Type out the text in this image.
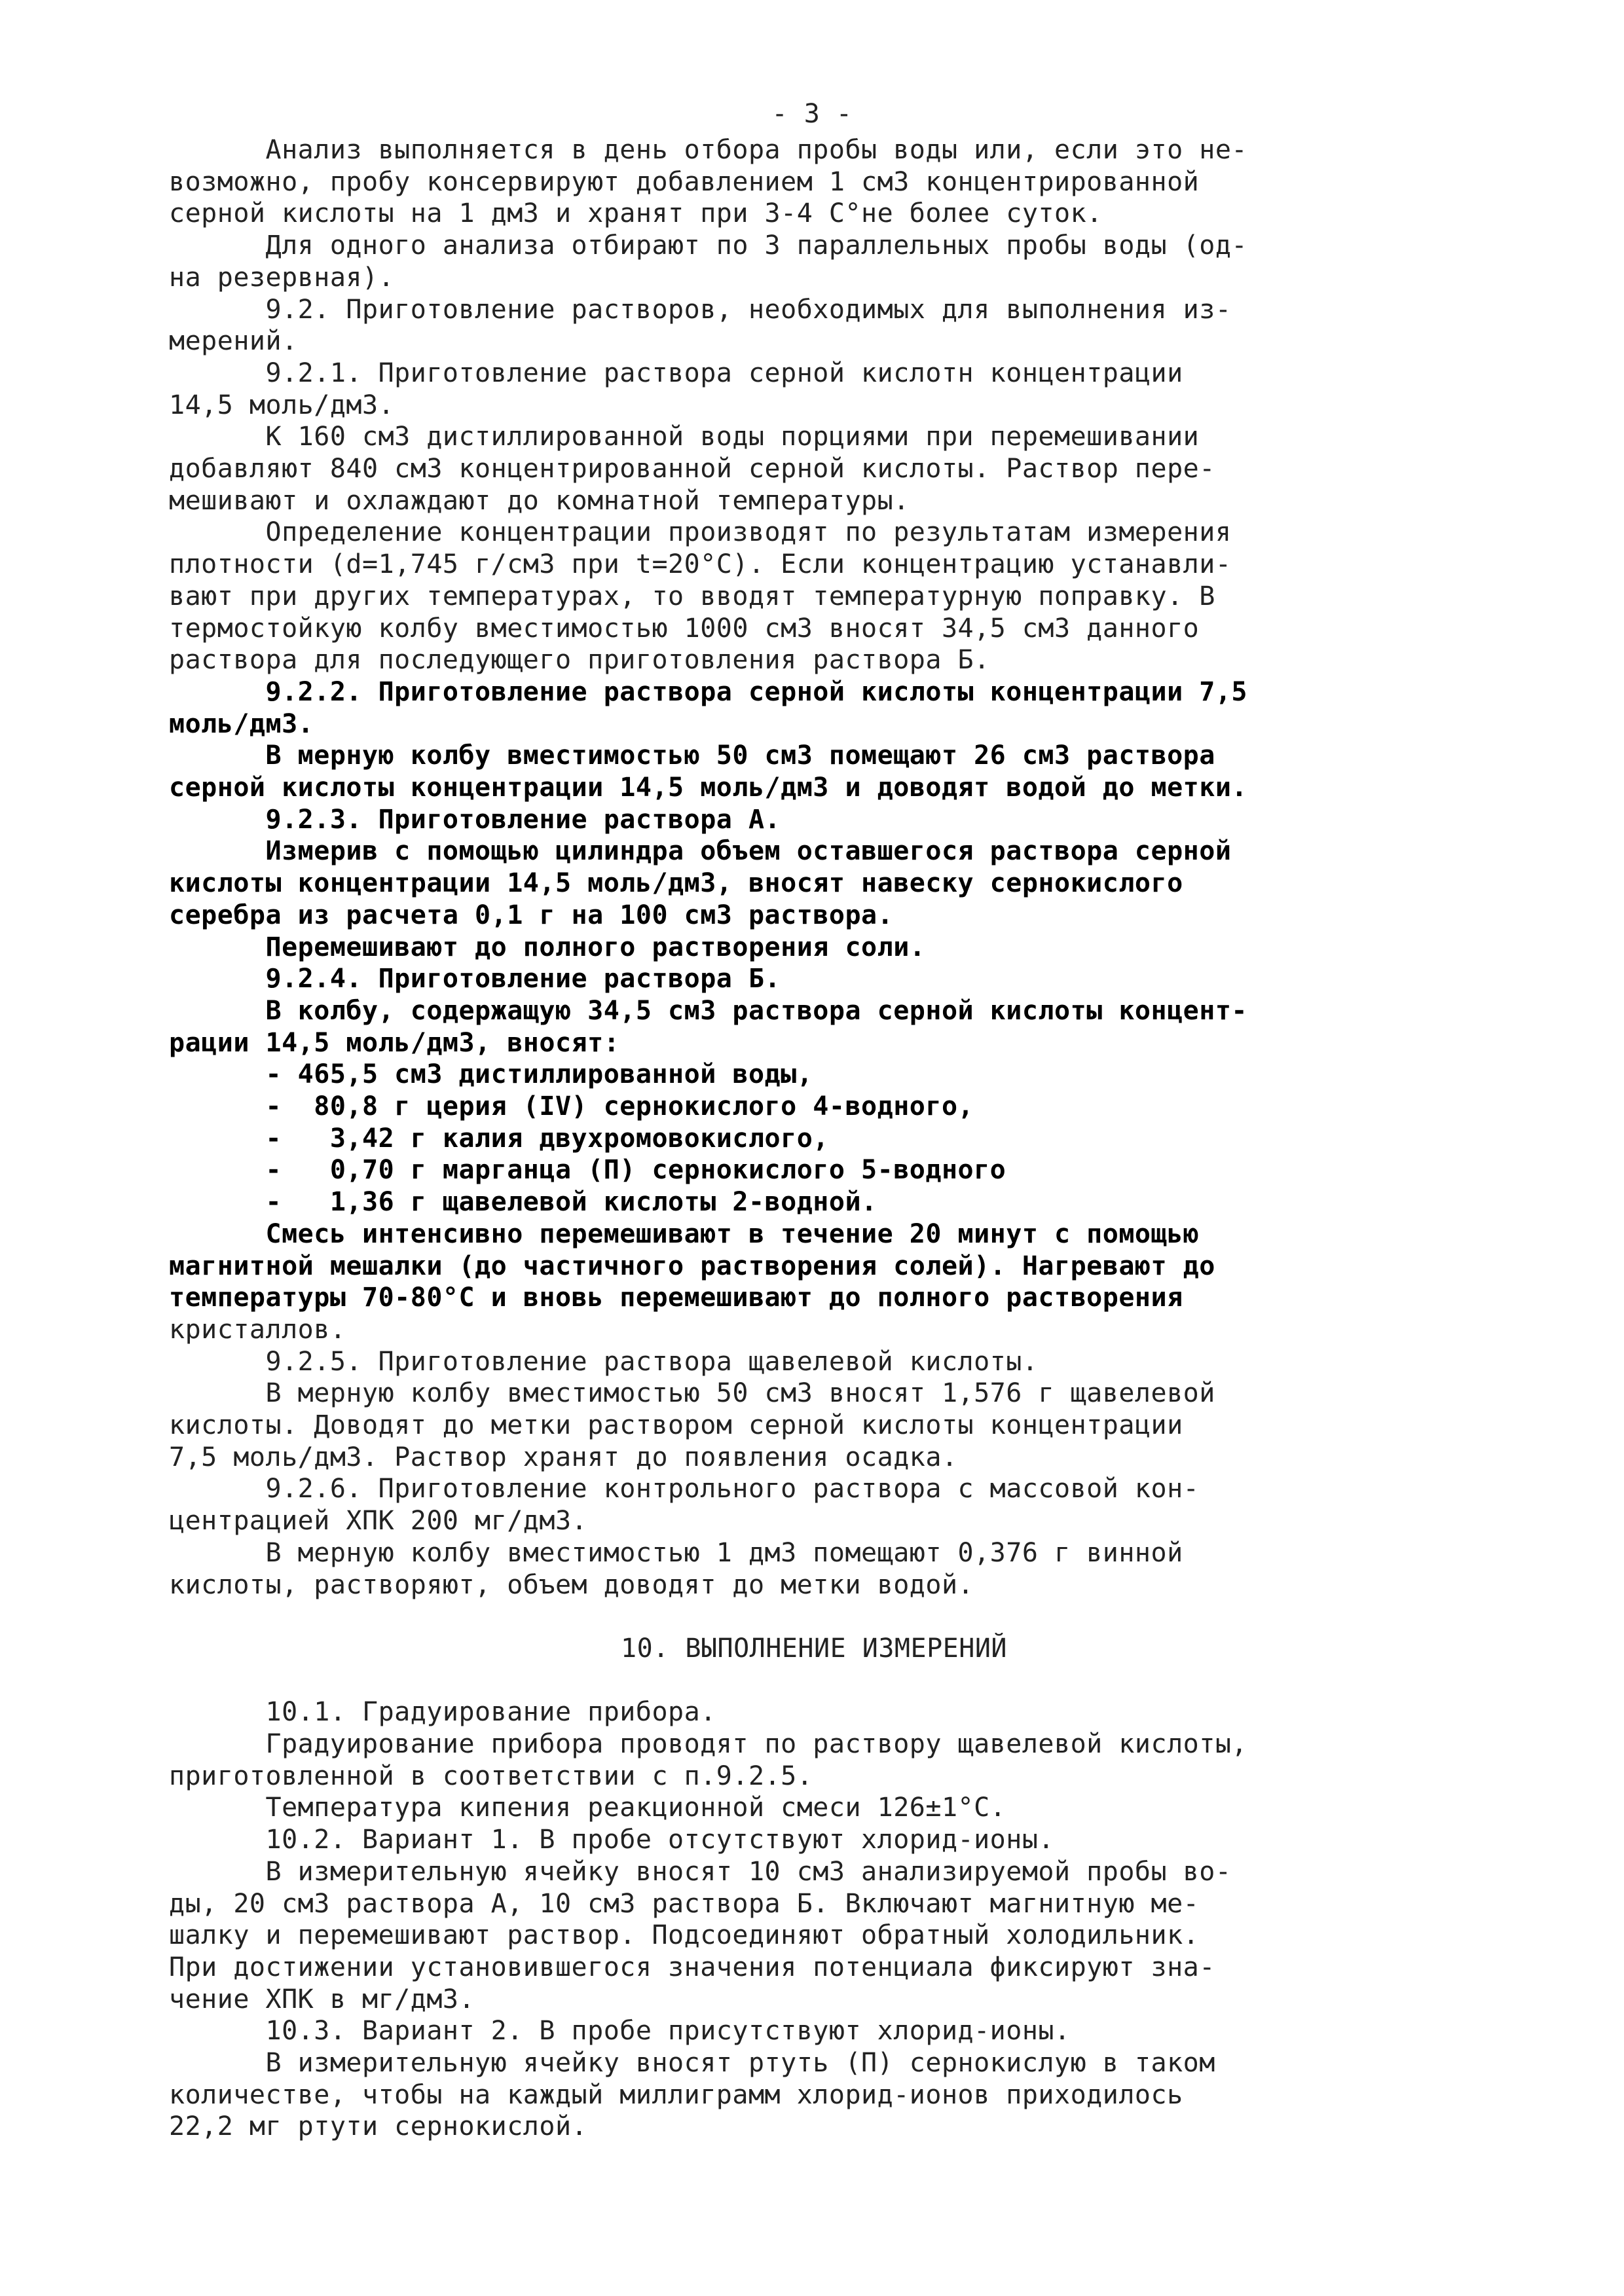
- 3 -
Анализ выполняется в день отбора пробы воды или, если это не-
возможно, пробу консервируют добавлением 1 см3 концентрированной
серной кислоты на 1 дм3 и хранят при 3-4 С°не более суток.
Для одного анализа отбирают по 3 параллельных пробы воды (од-
на резервная).
9.2. Приготовление растворов, необходимых для выполнения из-
мерений.
9.2.1. Приготовление раствора серной кислотн концентрации
14,5 моль/дм3.
К 160 см3 дистиллированной воды порциями при перемешивании
добавляют 840 см3 концентрированной серной кислоты. Раствор пере-
мешивают и охлаждают до комнатной температуры.
Определение концентрации производят по результатам измерения
плотности (d=1,745 г/см3 при t=20°С). Если концентрацию устанавли-
вают при других температурах, то вводят температурную поправку. В
термостойкую колбу вместимостью 1000 см3 вносят 34,5 см3 данного
раствора для последующего приготовления раствора Б.
9.2.2. Приготовление раствора серной кислоты концентрации 7,5
моль/дм3.
В мерную колбу вместимостью 50 см3 помещают 26 см3 раствора
серной кислоты концентрации 14,5 моль/дм3 и доводят водой до метки.
9.2.3. Приготовление раствора А.
Измерив с помощью цилиндра объем оставшегося раствора серной
кислоты концентрации 14,5 моль/дм3, вносят навеску сернокислого
серебра из расчета 0,1 г на 100 см3 раствора.
Перемешивают до полного растворения соли.
9.2.4. Приготовление раствора Б.
В колбу, содержащую 34,5 см3 раствора серной кислоты концент-
рации 14,5 моль/дм3, вносят:
- 465,5 см3 дистиллированной воды,
-  80,8 г церия (IV) сернокислого 4-водного,
-   3,42 г калия двухромовокислого,
-   0,70 г марганца (П) сернокислого 5-водного
-   1,36 г щавелевой кислоты 2-водной.
Смесь интенсивно перемешивают в течение 20 минут с помощью
магнитной мешалки (до частичного растворения солей). Нагревают до
температуры 70-80°С и вновь перемешивают до полного растворения
кристаллов.
9.2.5. Приготовление раствора щавелевой кислоты.
В мерную колбу вместимостью 50 см3 вносят 1,576 г щавелевой
кислоты. Доводят до метки раствором серной кислоты концентрации
7,5 моль/дм3. Раствор хранят до появления осадка.
9.2.6. Приготовление контрольного раствора с массовой кон-
центрацией ХПК 200 мг/дм3.
В мерную колбу вместимостью 1 дм3 помещают 0,376 г винной
кислоты, растворяют, объем доводят до метки водой.
10. ВЫПОЛНЕНИЕ ИЗМЕРЕНИЙ
10.1. Градуирование прибора.
Градуирование прибора проводят по раствору щавелевой кислоты,
приготовленной в соответствии с п.9.2.5.
Температура кипения реакционной смеси 126±1°С.
10.2. Вариант 1. В пробе отсутствуют хлорид-ионы.
В измерительную ячейку вносят 10 см3 анализируемой пробы во-
ды, 20 см3 раствора А, 10 см3 раствора Б. Включают магнитную ме-
шалку и перемешивают раствор. Подсоединяют обратный холодильник.
При достижении установившегося значения потенциала фиксируют зна-
чение ХПК в мг/дм3.
10.3. Вариант 2. В пробе присутствуют хлорид-ионы.
В измерительную ячейку вносят ртуть (П) сернокислую в таком
количестве, чтобы на каждый миллиграмм хлорид-ионов приходилось
22,2 мг ртути сернокислой.
